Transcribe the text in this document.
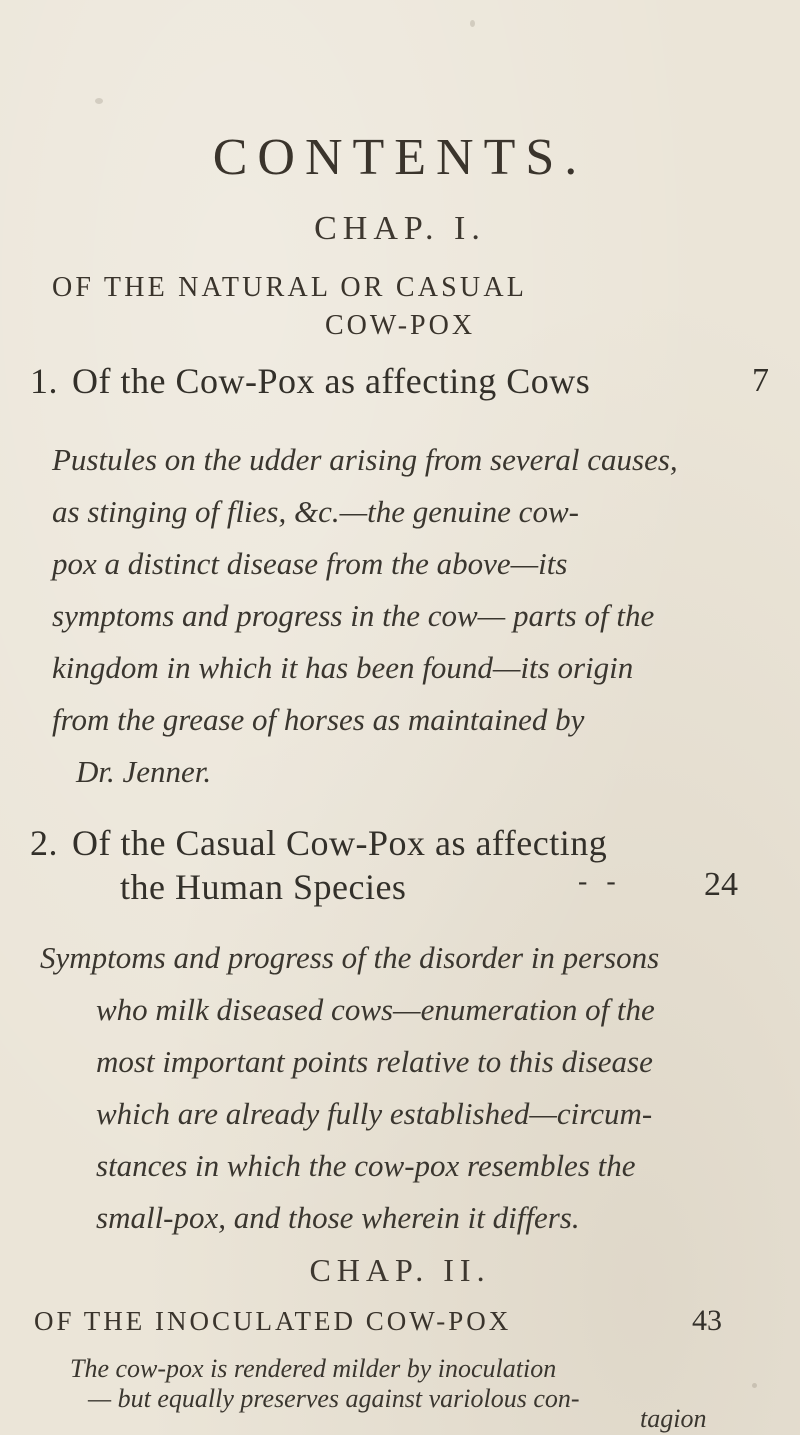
CONTENTS.
CHAP. I.
OF THE NATURAL OR CASUAL
COW-POX
1. Of the Cow-Pox as affecting Cows	7
Pustules on the udder arising from several causes,
as stinging of flies, &c.—the genuine cow-
pox a distinct disease from the above—its
symptoms and progress in the cow— parts of the
kingdom in which it has been found—its origin
from the grease of horses as maintained by
Dr. Jenner.
2. Of the Casual Cow-Pox as affecting
the Human Species	- - 24
Symptoms and progress of the disorder in persons
who milk diseased cows—enumeration of the
most important points relative to this disease
which are already fully established—circum-
stances in which the cow-pox resembles the
small-pox, and those wherein it differs.
CHAP. II.
OF THE INOCULATED COW-POX	43
The cow-pox is rendered milder by inoculation
— but equally preserves against variolous con-
tagion
